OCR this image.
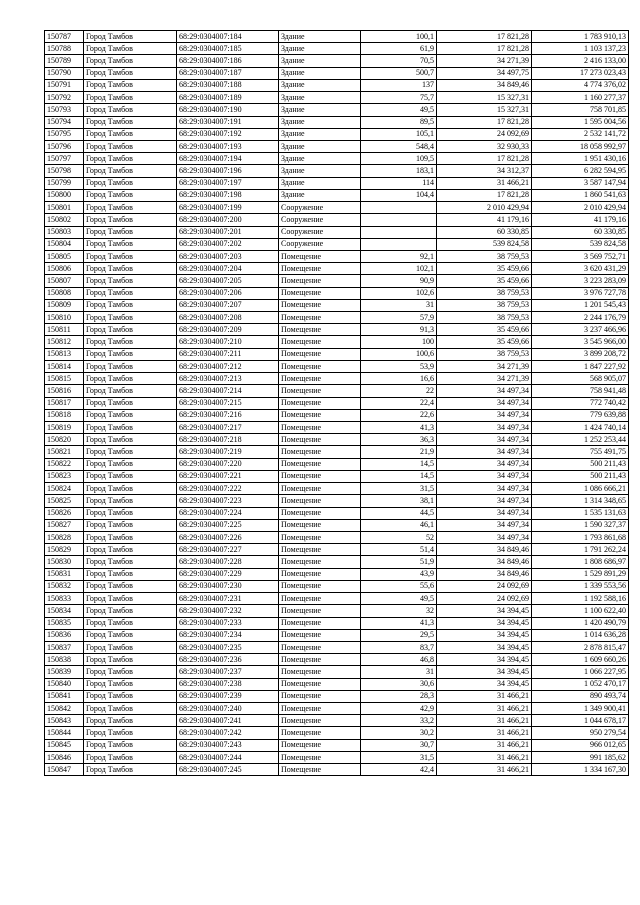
150787	Город Тамбов	68:29:0304007:184	Здание	100,1	17 821,28	1 783 910,13
150788	Город Тамбов	68:29:0304007:185	Здание	61,9	17 821,28	1 103 137,23
150789	Город Тамбов	68:29:0304007:186	Здание	70,5	34 271,39	2 416 133,00
150790	Город Тамбов	68:29:0304007:187	Здание	500,7	34 497,75	17 273 023,43
150791	Город Тамбов	68:29:0304007:188	Здание	137	34 849,46	4 774 376,02
150792	Город Тамбов	68:29:0304007:189	Здание	75,7	15 327,31	1 160 277,37
150793	Город Тамбов	68:29:0304007:190	Здание	49,5	15 327,31	758 701,85
150794	Город Тамбов	68:29:0304007:191	Здание	89,5	17 821,28	1 595 004,56
150795	Город Тамбов	68:29:0304007:192	Здание	105,1	24 092,69	2 532 141,72
150796	Город Тамбов	68:29:0304007:193	Здание	548,4	32 930,33	18 058 992,97
150797	Город Тамбов	68:29:0304007:194	Здание	109,5	17 821,28	1 951 430,16
150798	Город Тамбов	68:29:0304007:196	Здание	183,1	34 312,37	6 282 594,95
150799	Город Тамбов	68:29:0304007:197	Здание	114	31 466,21	3 587 147,94
150800	Город Тамбов	68:29:0304007:198	Здание	104,4	17 821,28	1 860 541,63
150801	Город Тамбов	68:29:0304007:199	Сооружение		2 010 429,94	2 010 429,94
150802	Город Тамбов	68:29:0304007:200	Сооружение		41 179,16	41 179,16
150803	Город Тамбов	68:29:0304007:201	Сооружение		60 330,85	60 330,85
150804	Город Тамбов	68:29:0304007:202	Сооружение		539 824,58	539 824,58
150805	Город Тамбов	68:29:0304007:203	Помещение	92,1	38 759,53	3 569 752,71
150806	Город Тамбов	68:29:0304007:204	Помещение	102,1	35 459,66	3 620 431,29
150807	Город Тамбов	68:29:0304007:205	Помещение	90,9	35 459,66	3 223 283,09
150808	Город Тамбов	68:29:0304007:206	Помещение	102,6	38 759,53	3 976 727,78
150809	Город Тамбов	68:29:0304007:207	Помещение	31	38 759,53	1 201 545,43
150810	Город Тамбов	68:29:0304007:208	Помещение	57,9	38 759,53	2 244 176,79
150811	Город Тамбов	68:29:0304007:209	Помещение	91,3	35 459,66	3 237 466,96
150812	Город Тамбов	68:29:0304007:210	Помещение	100	35 459,66	3 545 966,00
150813	Город Тамбов	68:29:0304007:211	Помещение	100,6	38 759,53	3 899 208,72
150814	Город Тамбов	68:29:0304007:212	Помещение	53,9	34 271,39	1 847 227,92
150815	Город Тамбов	68:29:0304007:213	Помещение	16,6	34 271,39	568 905,07
150816	Город Тамбов	68:29:0304007:214	Помещение	22	34 497,34	758 941,48
150817	Город Тамбов	68:29:0304007:215	Помещение	22,4	34 497,34	772 740,42
150818	Город Тамбов	68:29:0304007:216	Помещение	22,6	34 497,34	779 639,88
150819	Город Тамбов	68:29:0304007:217	Помещение	41,3	34 497,34	1 424 740,14
150820	Город Тамбов	68:29:0304007:218	Помещение	36,3	34 497,34	1 252 253,44
150821	Город Тамбов	68:29:0304007:219	Помещение	21,9	34 497,34	755 491,75
150822	Город Тамбов	68:29:0304007:220	Помещение	14,5	34 497,34	500 211,43
150823	Город Тамбов	68:29:0304007:221	Помещение	14,5	34 497,34	500 211,43
150824	Город Тамбов	68:29:0304007:222	Помещение	31,5	34 497,34	1 086 666,21
150825	Город Тамбов	68:29:0304007:223	Помещение	38,1	34 497,34	1 314 348,65
150826	Город Тамбов	68:29:0304007:224	Помещение	44,5	34 497,34	1 535 131,63
150827	Город Тамбов	68:29:0304007:225	Помещение	46,1	34 497,34	1 590 327,37
150828	Город Тамбов	68:29:0304007:226	Помещение	52	34 497,34	1 793 861,68
150829	Город Тамбов	68:29:0304007:227	Помещение	51,4	34 849,46	1 791 262,24
150830	Город Тамбов	68:29:0304007:228	Помещение	51,9	34 849,46	1 808 686,97
150831	Город Тамбов	68:29:0304007:229	Помещение	43,9	34 849,46	1 529 891,29
150832	Город Тамбов	68:29:0304007:230	Помещение	55,6	24 092,69	1 339 553,56
150833	Город Тамбов	68:29:0304007:231	Помещение	49,5	24 092,69	1 192 588,16
150834	Город Тамбов	68:29:0304007:232	Помещение	32	34 394,45	1 100 622,40
150835	Город Тамбов	68:29:0304007:233	Помещение	41,3	34 394,45	1 420 490,79
150836	Город Тамбов	68:29:0304007:234	Помещение	29,5	34 394,45	1 014 636,28
150837	Город Тамбов	68:29:0304007:235	Помещение	83,7	34 394,45	2 878 815,47
150838	Город Тамбов	68:29:0304007:236	Помещение	46,8	34 394,45	1 609 660,26
150839	Город Тамбов	68:29:0304007:237	Помещение	31	34 394,45	1 066 227,95
150840	Город Тамбов	68:29:0304007:238	Помещение	30,6	34 394,45	1 052 470,17
150841	Город Тамбов	68:29:0304007:239	Помещение	28,3	31 466,21	890 493,74
150842	Город Тамбов	68:29:0304007:240	Помещение	42,9	31 466,21	1 349 900,41
150843	Город Тамбов	68:29:0304007:241	Помещение	33,2	31 466,21	1 044 678,17
150844	Город Тамбов	68:29:0304007:242	Помещение	30,2	31 466,21	950 279,54
150845	Город Тамбов	68:29:0304007:243	Помещение	30,7	31 466,21	966 012,65
150846	Город Тамбов	68:29:0304007:244	Помещение	31,5	31 466,21	991 185,62
150847	Город Тамбов	68:29:0304007:245	Помещение	42,4	31 466,21	1 334 167,30
